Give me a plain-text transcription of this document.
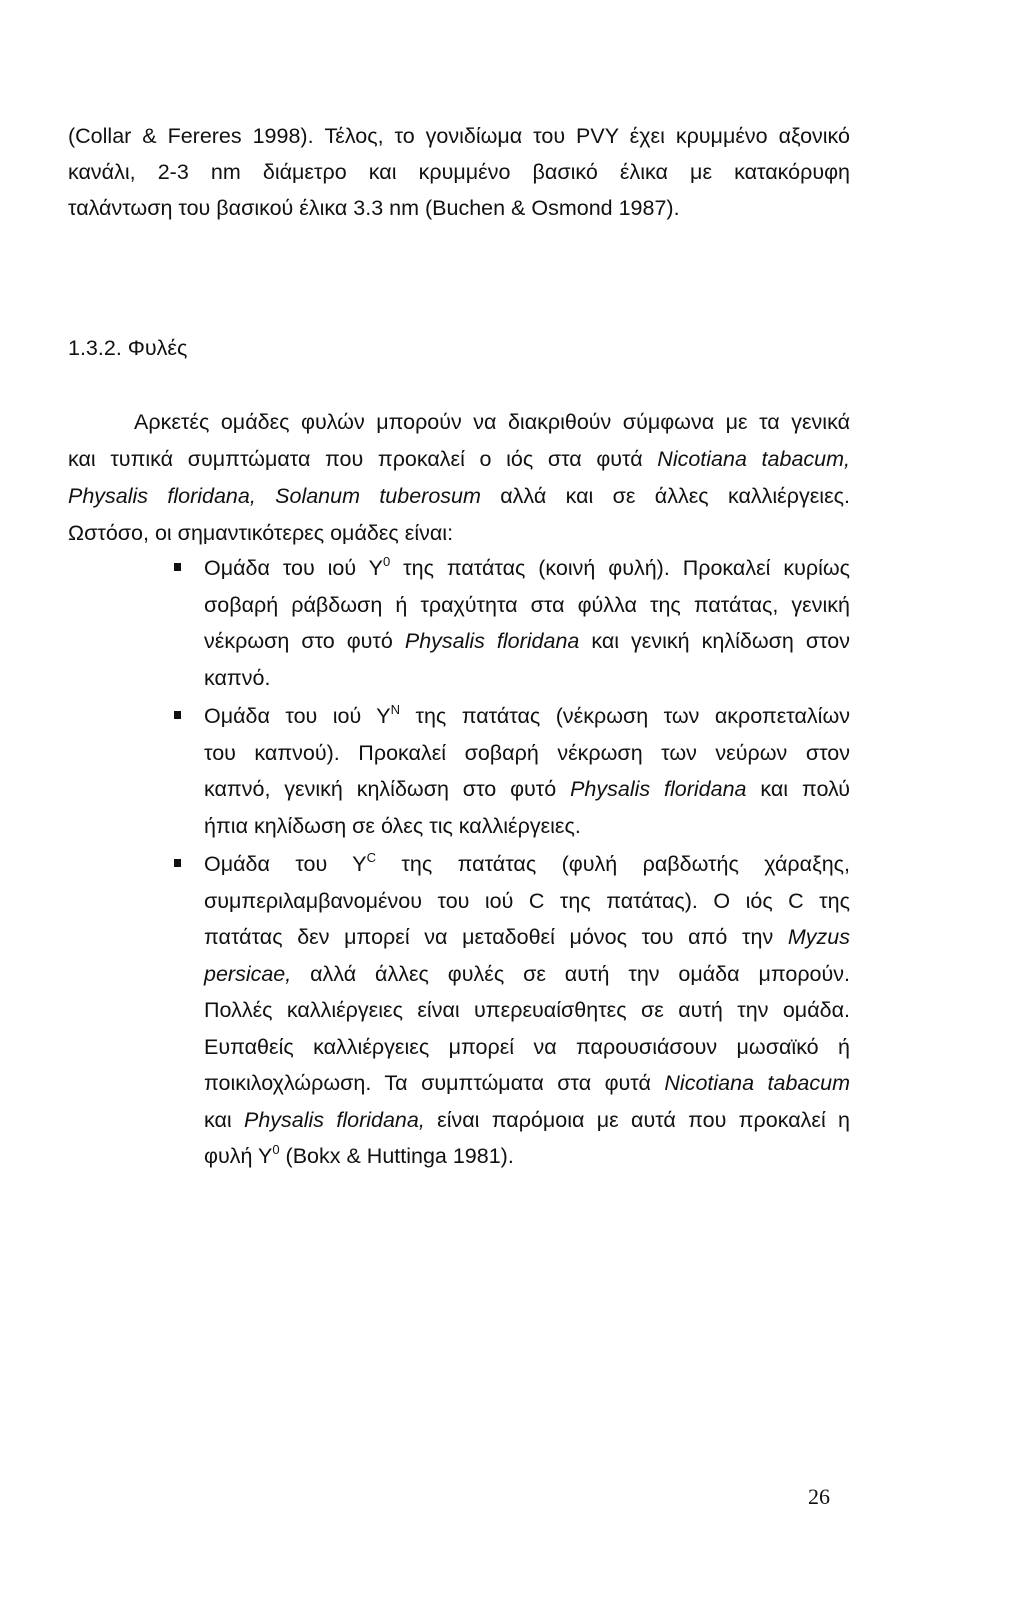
(Collar & Fereres 1998). Τέλος, το γονιδίωμα του PVY έχει κρυμμένο αξονικό
κανάλι, 2-3 nm διάμετρο και κρυμμένο βασικό έλικα με κατακόρυφη
ταλάντωση του βασικού έλικα 3.3 nm (Buchen & Osmond 1987).
1.3.2. Φυλές
Αρκετές ομάδες φυλών μπορούν να διακριθούν σύμφωνα με τα γενικά
και τυπικά συμπτώματα που προκαλεί ο ιός στα φυτά Nicotiana tabacum,
Physalis floridana, Solanum tuberosum αλλά και σε άλλες καλλιέργειες.
Ωστόσο, οι σημαντικότερες ομάδες είναι:
Ομάδα του ιού $\Upsilon^0$ της πατάτας (κοινή φυλή). Προκαλεί κυρίως
σοβαρή ράβδωση ή τραχύτητα στα φύλλα της πατάτας, γενική
νέκρωση στο φυτό Physalis floridana και γενική κηλίδωση στον
καπνό.
Ομάδα του ιού $\Upsilon^N$ της πατάτας (νέκρωση των ακροπεταλίων
του καπνού). Προκαλεί σοβαρή νέκρωση των νεύρων στον
καπνό, γενική κηλίδωση στο φυτό Physalis floridana και πολύ
ήπια κηλίδωση σε όλες τις καλλιέργειες.
Ομάδα του $\Upsilon^C$ της πατάτας (φυλή ραβδωτής χάραξης,
συμπεριλαμβανομένου του ιού C της πατάτας). Ο ιός C της
πατάτας δεν μπορεί να μεταδοθεί μόνος του από την Myzus
persicae, αλλά άλλες φυλές σε αυτή την ομάδα μπορούν.
Πολλές καλλιέργειες είναι υπερευαίσθητες σε αυτή την ομάδα.
Ευπαθείς καλλιέργειες μπορεί να παρουσιάσουν μωσαϊκό ή
ποικιλοχλώρωση. Τα συμπτώματα στα φυτά Nicotiana tabacum
και Physalis floridana, είναι παρόμοια με αυτά που προκαλεί η
φυλή $\Upsilon^0$ (Bokx & Huttinga 1981).
26
